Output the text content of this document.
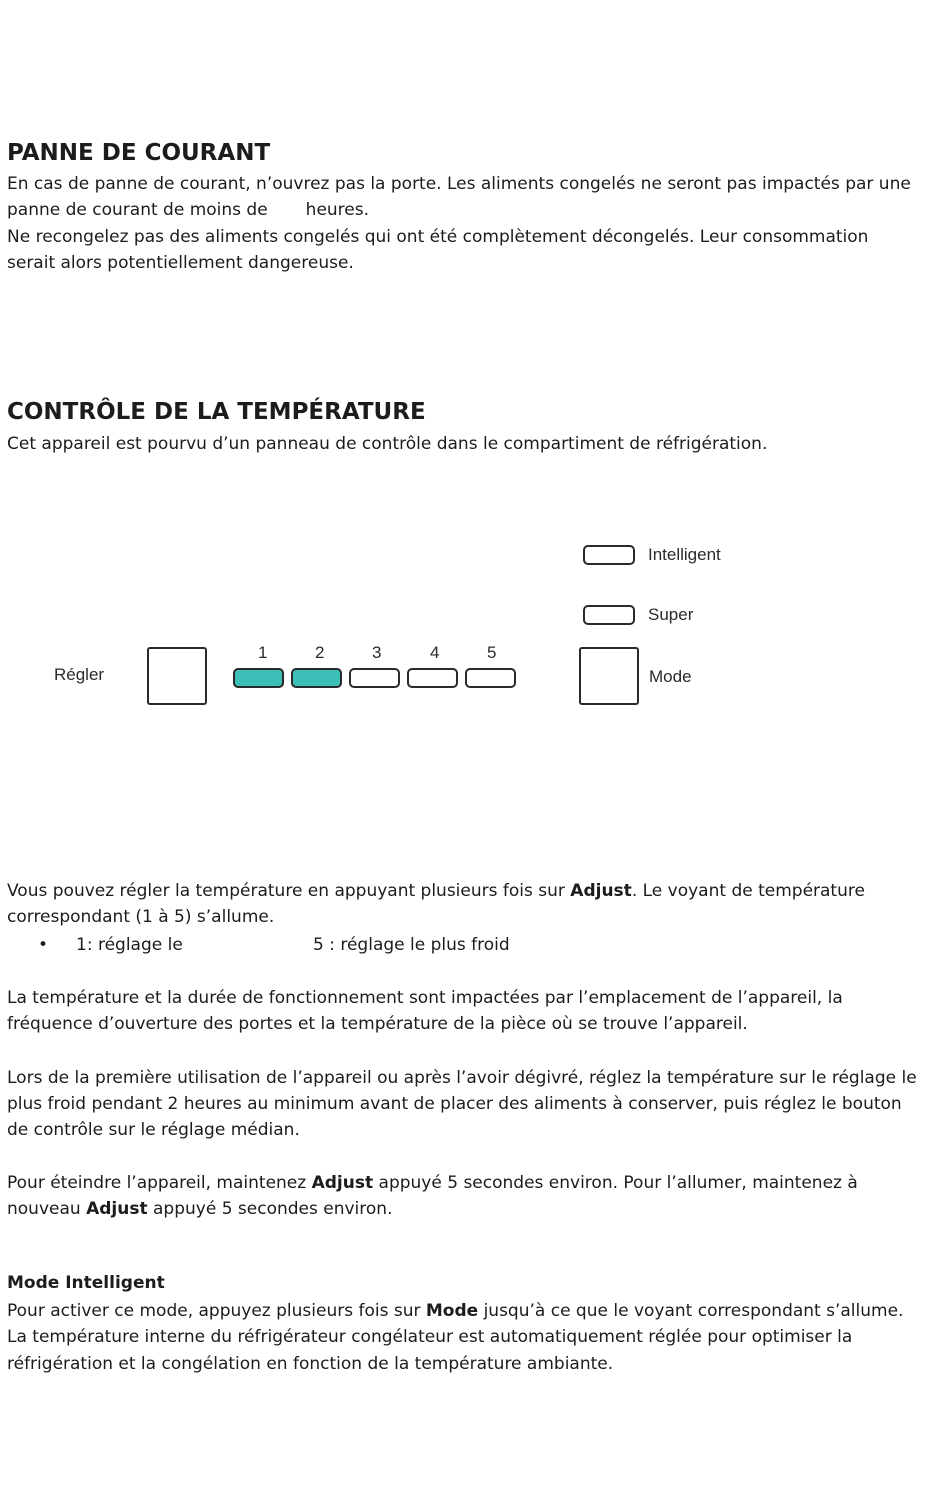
PANNE DE COURANT

En cas de panne de courant, n’ouvrez pas la porte. Les aliments congelés ne seront pas impactés par une

panne de courant de moins de heures.

Ne recongelez pas des aliments congelés qui ont été complètement décongelés. Leur consommation

serait alors potentiellement dangereuse.

CONTRÔLE DE LA TEMPÉRATURE

Cet appareil est pourvu d’un panneau de contrôle dans le compartiment de réfrigération.

Régler
1	2	3	4	5
Intelligent
Super
Mode

Vous pouvez régler la température en appuyant plusieurs fois sur Adjust. Le voyant de température

correspondant (1 à 5) s’allume.

• 1: réglage le	5 : réglage le plus froid

La température et la durée de fonctionnement sont impactées par l’emplacement de l’appareil, la

fréquence d’ouverture des portes et la température de la pièce où se trouve l’appareil.

Lors de la première utilisation de l’appareil ou après l’avoir dégivré, réglez la température sur le réglage le

plus froid pendant 2 heures au minimum avant de placer des aliments à conserver, puis réglez le bouton

de contrôle sur le réglage médian.

Pour éteindre l’appareil, maintenez Adjust appuyé 5 secondes environ. Pour l’allumer, maintenez à

nouveau Adjust appuyé 5 secondes environ.

Mode Intelligent

Pour activer ce mode, appuyez plusieurs fois sur Mode jusqu’à ce que le voyant correspondant s’allume.

La température interne du réfrigérateur congélateur est automatiquement réglée pour optimiser la

réfrigération et la congélation en fonction de la température ambiante.
